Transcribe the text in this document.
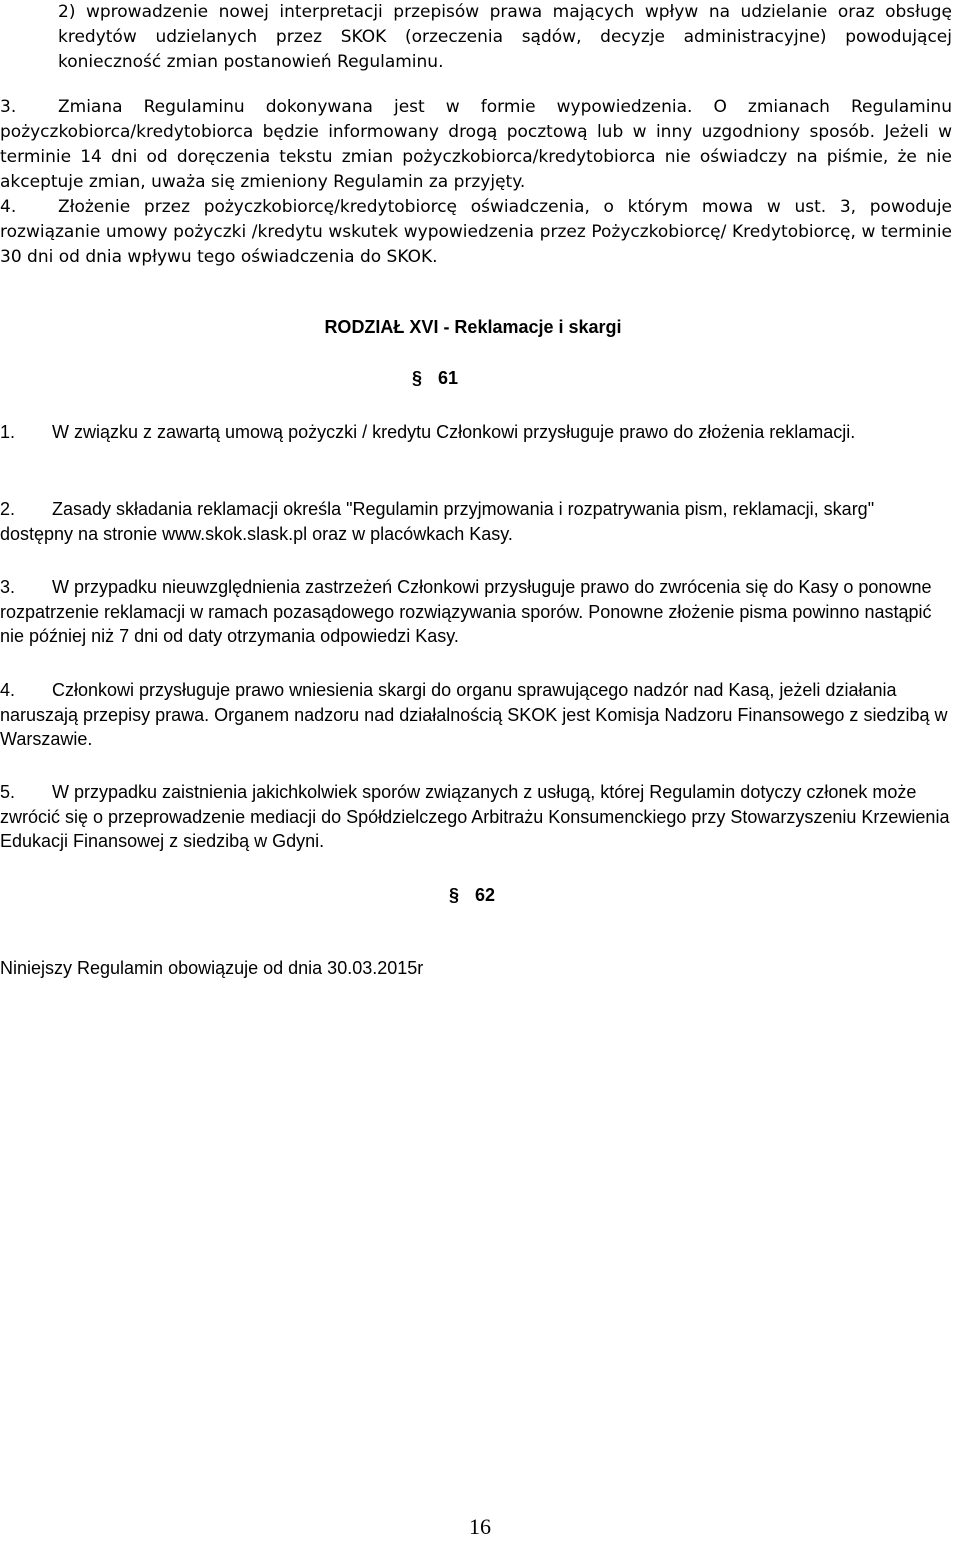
2) wprowadzenie nowej interpretacji przepisów prawa mających wpływ na udzielanie oraz obsługę kredytów udzielanych przez SKOK (orzeczenia sądów, decyzje administracyjne) powodującej konieczność zmian postanowień Regulaminu.
3. Zmiana Regulaminu dokonywana jest w formie wypowiedzenia. O zmianach Regulaminu pożyczkobiorca/kredytobiorca będzie informowany drogą pocztową lub w inny uzgodniony sposób. Jeżeli w terminie 14 dni od doręczenia tekstu zmian pożyczkobiorca/kredytobiorca nie oświadczy na piśmie, że nie akceptuje zmian, uważa się zmieniony Regulamin za przyjęty.
4. Złożenie przez pożyczkobiorcę/kredytobiorcę oświadczenia, o którym mowa w ust. 3, powoduje rozwiązanie umowy pożyczki /kredytu wskutek wypowiedzenia przez Pożyczkobiorcę/ Kredytobiorcę, w terminie 30 dni od dnia wpływu tego oświadczenia do SKOK.
RODZIAŁ XVI - Reklamacje i skargi
§ 61
1. W związku z zawartą umową pożyczki / kredytu Członkowi przysługuje prawo do złożenia reklamacji.
2. Zasady składania reklamacji określa "Regulamin przyjmowania i rozpatrywania pism, reklamacji, skarg" dostępny na stronie www.skok.slask.pl oraz w placówkach Kasy.
3. W przypadku nieuwzględnienia zastrzeżeń Członkowi przysługuje prawo do zwrócenia się do Kasy o ponowne rozpatrzenie reklamacji w ramach pozasądowego rozwiązywania sporów. Ponowne złożenie pisma powinno nastąpić nie później niż 7 dni od daty otrzymania odpowiedzi Kasy.
4. Członkowi przysługuje prawo wniesienia skargi do organu sprawującego nadzór nad Kasą, jeżeli działania naruszają przepisy prawa. Organem nadzoru nad działalnością SKOK jest Komisja Nadzoru Finansowego z siedzibą w Warszawie.
5. W przypadku zaistnienia jakichkolwiek sporów związanych z usługą, której Regulamin dotyczy członek może zwrócić się o przeprowadzenie mediacji do Spółdzielczego Arbitrażu Konsumenckiego przy Stowarzyszeniu Krzewienia Edukacji Finansowej z siedzibą w Gdyni.
§ 62
Niniejszy Regulamin obowiązuje od dnia 30.03.2015r
16
